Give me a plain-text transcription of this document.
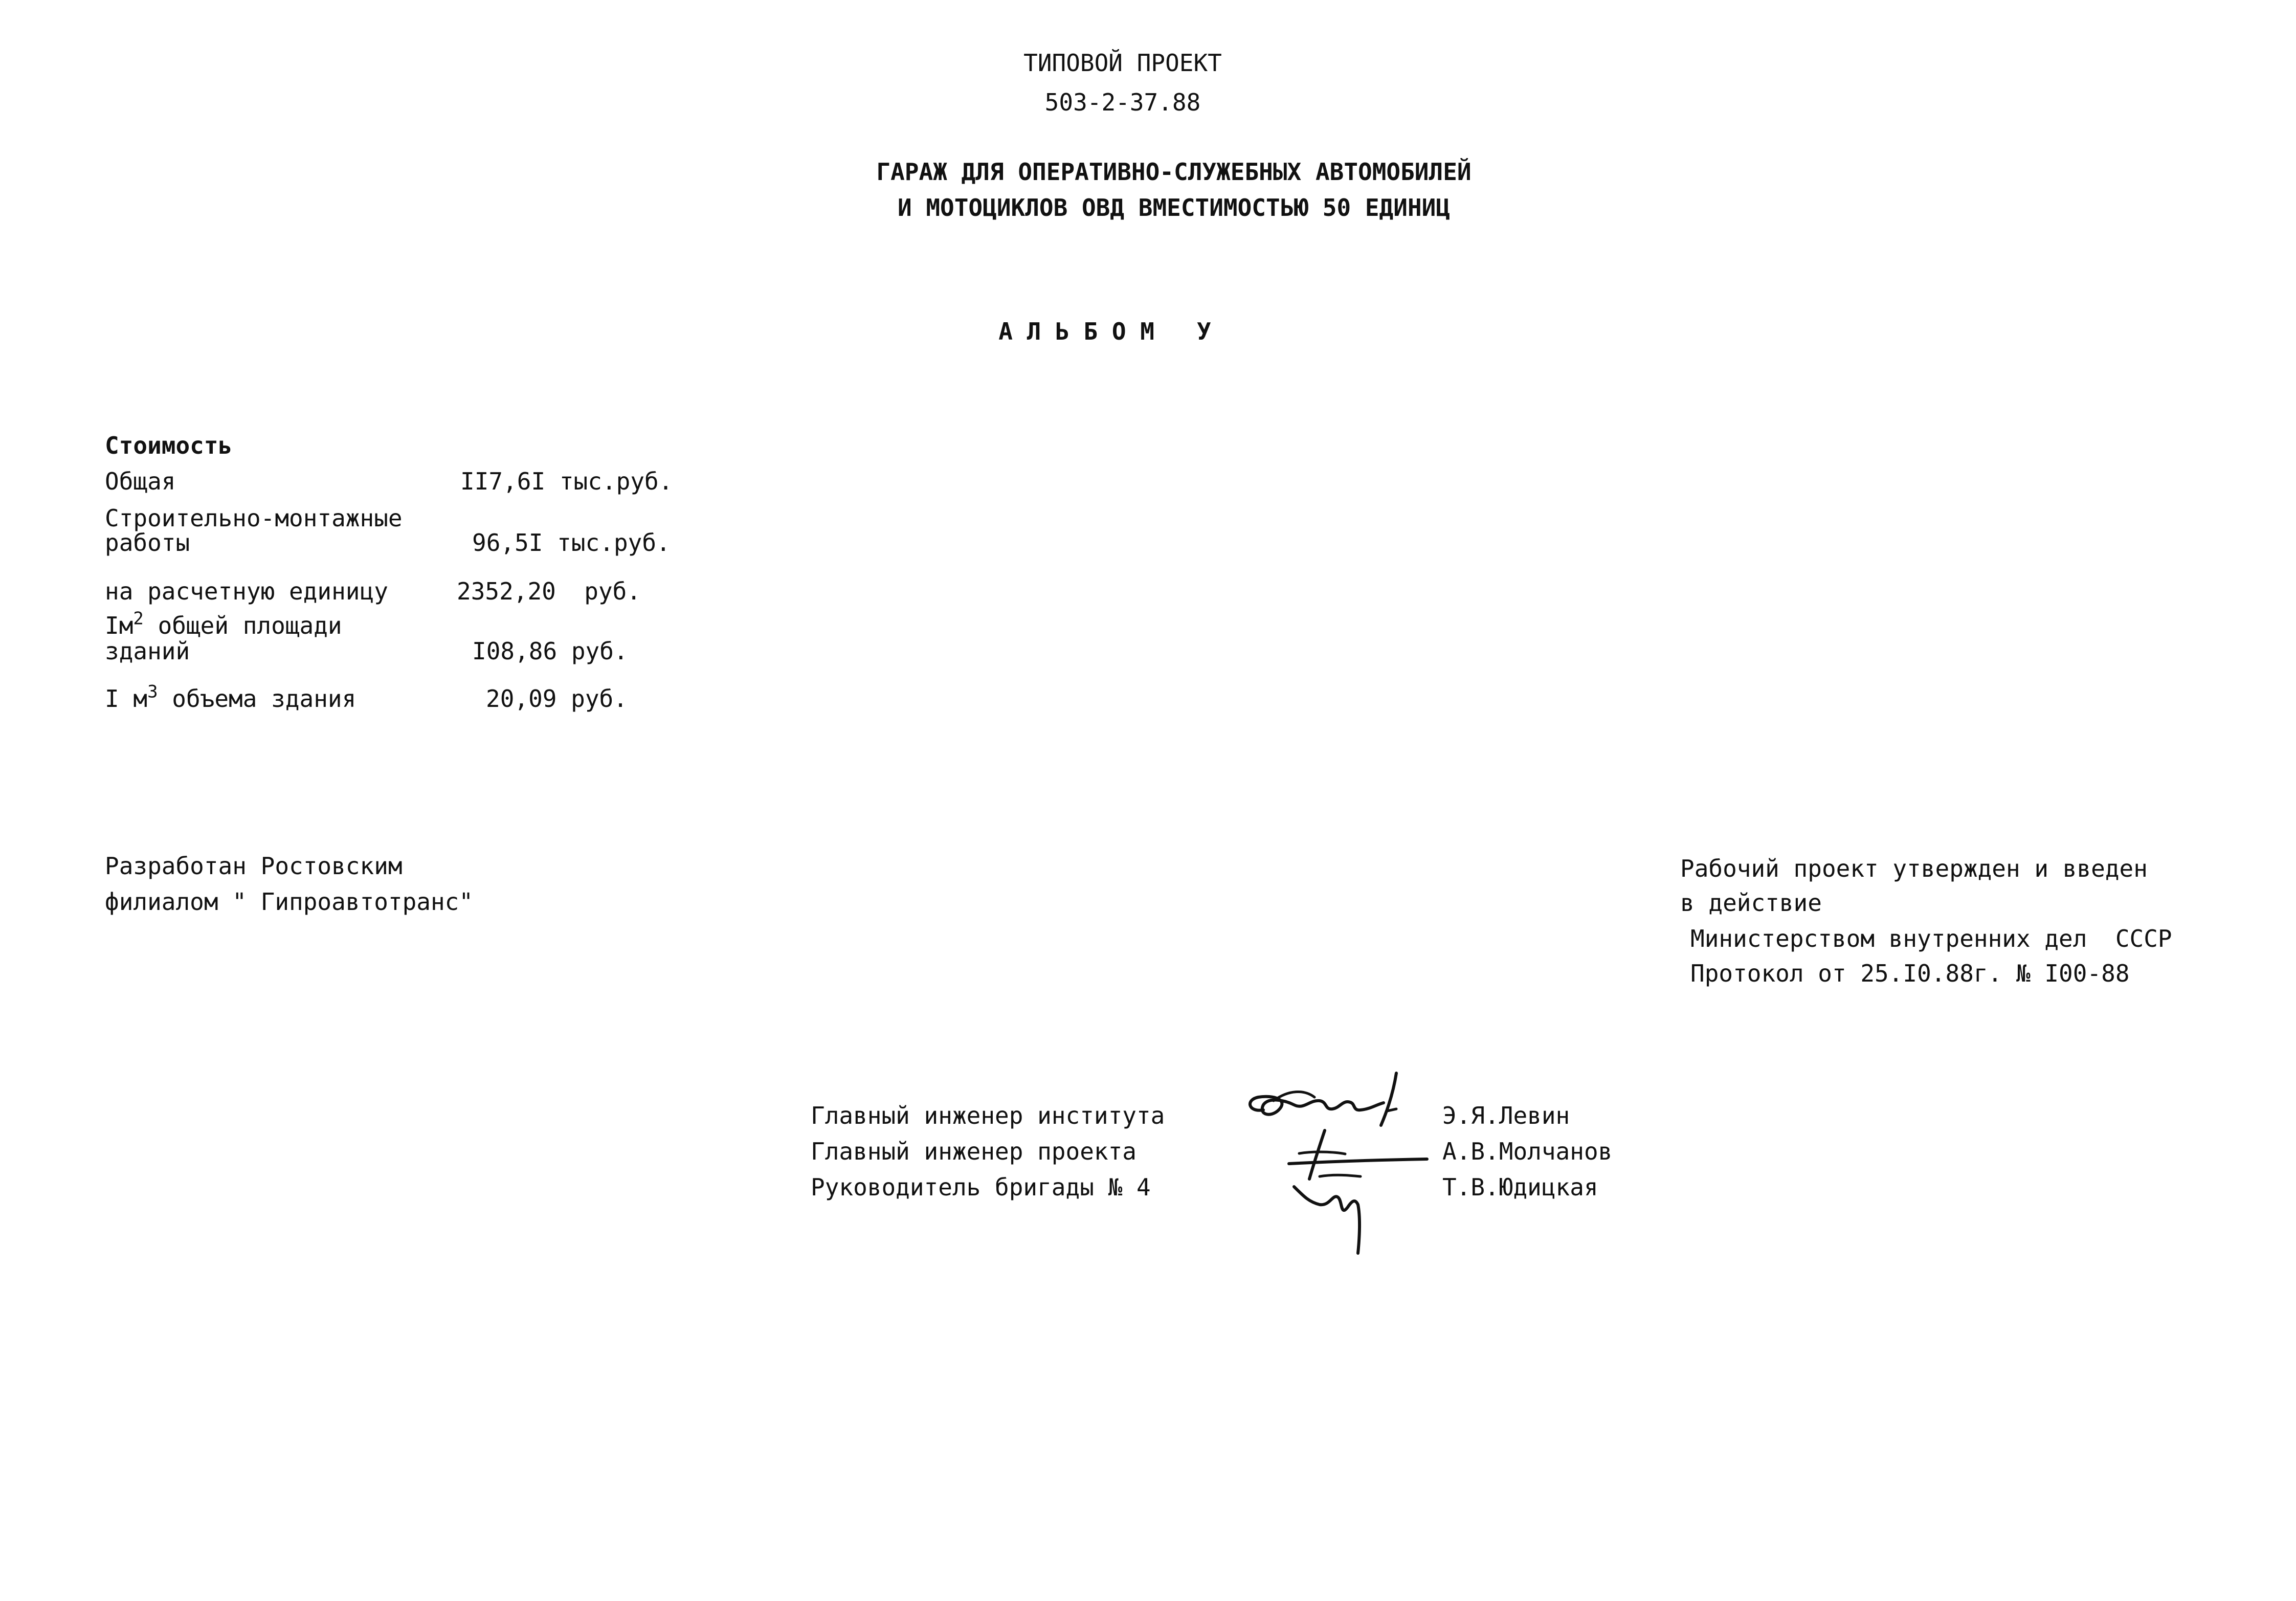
ТИПОВОЙ ПРОЕКТ
503-2-37.88
ГАРАЖ ДЛЯ ОПЕРАТИВНО-СЛУЖЕБНЫХ АВТОМОБИЛЕЙ
И МОТОЦИКЛОВ ОВД ВМЕСТИМОСТЬЮ 50 ЕДИНИЦ
А Л Ь Б О М   У
Стоимость
Общая	II7,6I тыс.руб.
Строительно-монтажные
работы	96,5I тыс.руб.
на расчетную единицу	2352,20  руб.
$Iм^2$ общей площади
зданий	I08,86 руб.
I $м^3$ объема здания	20,09 руб.
Разработан Ростовским
филиалом " Гипроавтотранс"
Рабочий проект утвержден и введен
в действие
Министерством внутренних дел  СССР
Протокол от 25.I0.88г. № I00-88
Главный инженер института
Главный инженер проекта
Руководитель бригады № 4
Э.Я.Левин
А.В.Молчанов
Т.В.Юдицкая
